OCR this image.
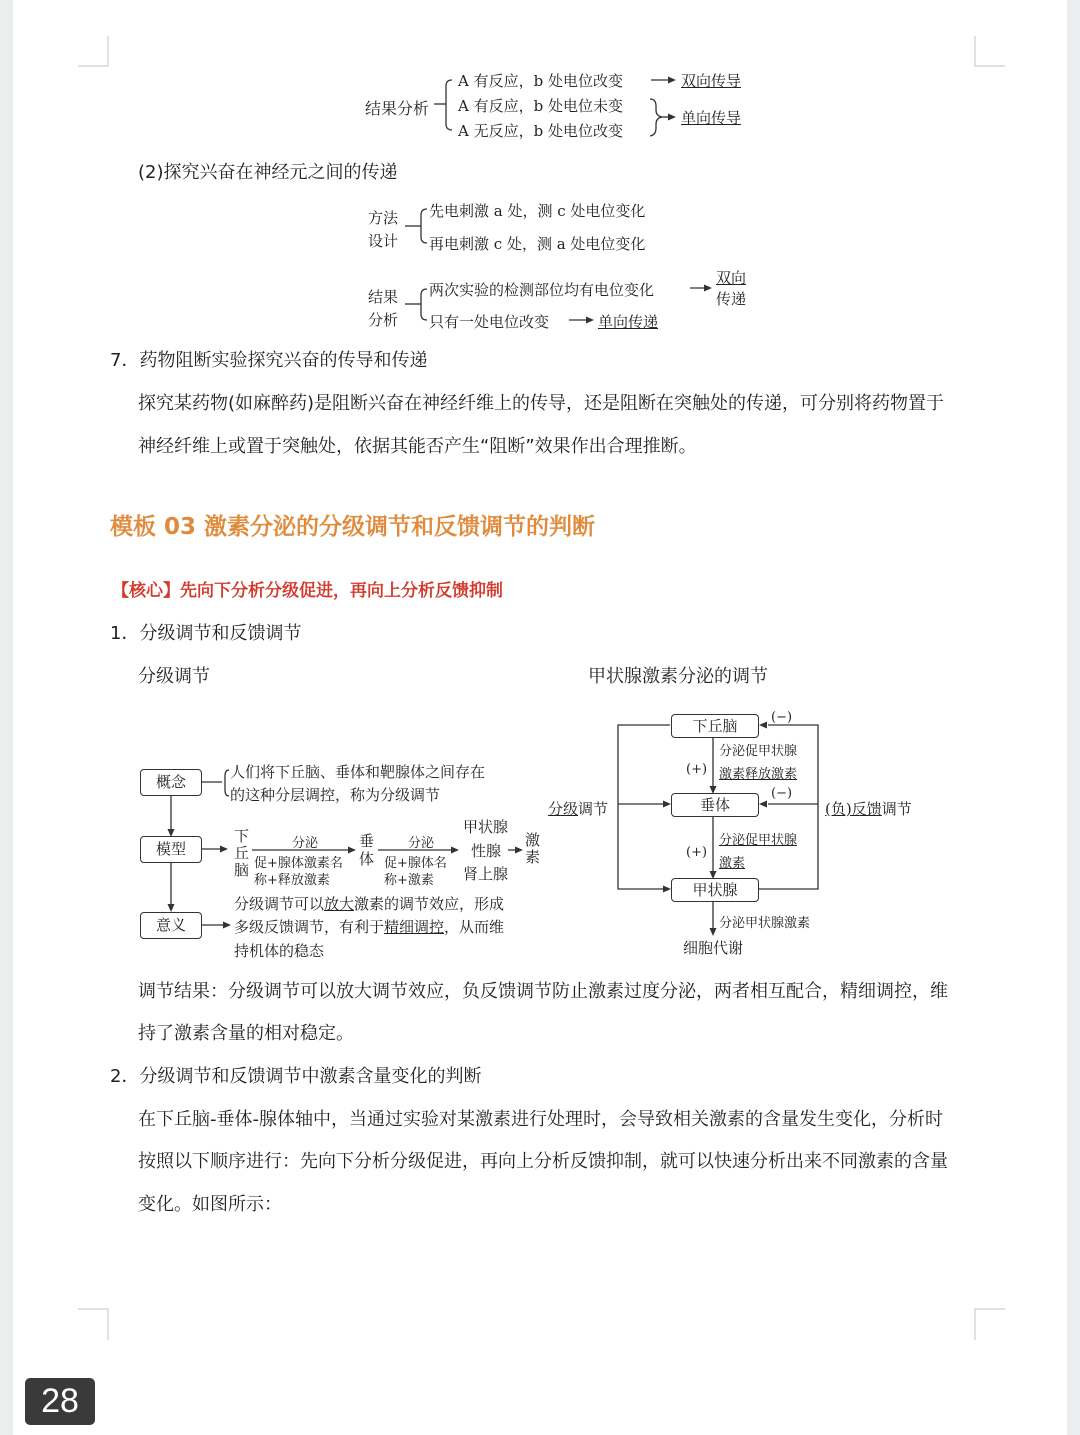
结果分析
A 有反应，b 处电位改变
A 有反应，b 处电位未变
A 无反应，b 处电位改变
双向传导
单向传导
(2)探究兴奋在神经元之间的传递
方法
设计
先电刺激 a 处，测 c 处电位变化
再电刺激 c 处，测 a 处电位变化
结果
分析
两次实验的检测部位均有电位变化
只有一处电位改变
双向
传递
单向传递
7．药物阻断实验探究兴奋的传导和传递
探究某药物(如麻醉药)是阻断兴奋在神经纤维上的传导，还是阻断在突触处的传递，可分别将药物置于
神经纤维上或置于突触处，依据其能否产生“阻断”效果作出合理推断。
模板 03 激素分泌的分级调节和反馈调节的判断
【核心】先向下分析分级促进，再向上分析反馈抑制
1．分级调节和反馈调节
分级调节	甲状腺激素分泌的调节
概念
模型
意义
人们将下丘脑、垂体和靶腺体之间存在
的这种分层调控，称为分级调节
下
丘
脑
分泌
促+腺体激素名
称+释放激素
垂
体
分泌
促+腺体名
称+激素
甲状腺
性腺
肾上腺
激
素
分级调节可以放大激素的调节效应，形成
多级反馈调节，有利于精细调控，从而维
持机体的稳态
下丘脑
垂体
甲状腺
分泌促甲状腺
激素释放激素
分泌促甲状腺
激素
分泌甲状腺激素
细胞代谢
(+)
(+)
(−)
(−)
分级调节	(负)反馈调节
调节结果：分级调节可以放大调节效应，负反馈调节防止激素过度分泌，两者相互配合，精细调控，维
持了激素含量的相对稳定。
2．分级调节和反馈调节中激素含量变化的判断
在下丘脑-垂体-腺体轴中，当通过实验对某激素进行处理时，会导致相关激素的含量发生变化，分析时
按照以下顺序进行：先向下分析分级促进，再向上分析反馈抑制，就可以快速分析出来不同激素的含量
变化。如图所示：
28
